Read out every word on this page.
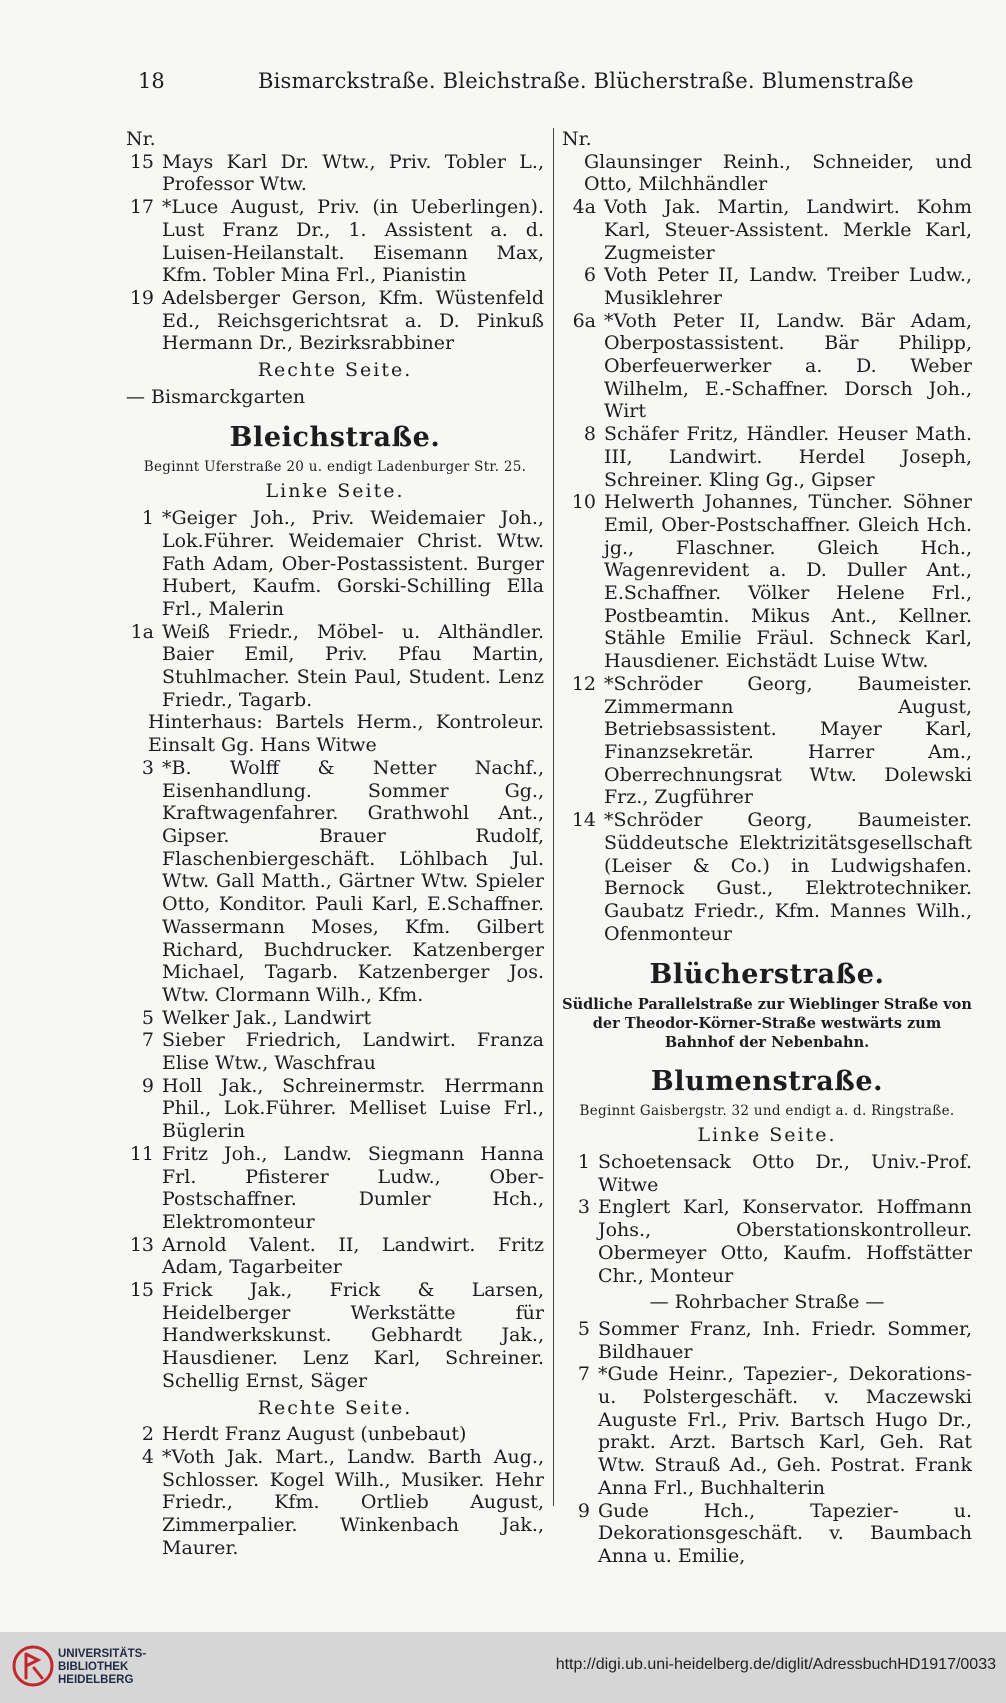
18	Bismarckstraße. Bleichstraße. Blücherstraße. Blumenstraße

Nr.

15 Mays Karl Dr. Wtw., Priv. Tobler L., Professor Wtw.
17 *Luce August, Priv. (in Ueberlingen). Lust Franz Dr., 1. Assistent a. d. Luisen-Heilanstalt. Eisemann Max, Kfm. Tobler Mina Frl., Pianistin
19 Adelsberger Gerson, Kfm. Wüstenfeld Ed., Reichsgerichtsrat a. D. Pinkuß Hermann Dr., Bezirksrabbiner

Rechte Seite.

— Bismarckgarten

Bleichstraße.

Beginnt Uferstraße 20 u. endigt Ladenburger Str. 25.

Linke Seite.

1 *Geiger Joh., Priv. Weidemaier Joh., Lok.Führer. Weidemaier Christ. Wtw. Fath Adam, Ober-Postassistent. Burger Hubert, Kaufm. Gorski-Schilling Ella Frl., Malerin
1a Weiß Friedr., Möbel- u. Althändler. Baier Emil, Priv. Pfau Martin, Stuhlmacher. Stein Paul, Student. Lenz Friedr., Tagarb.
Hinterhaus: Bartels Herm., Kontroleur. Einsalt Gg. Hans Witwe
3 *B. Wolff & Netter Nachf., Eisenhandlung. Sommer Gg., Kraftwagenfahrer. Grathwohl Ant., Gipser. Brauer Rudolf, Flaschenbiergeschäft. Löhlbach Jul. Wtw. Gall Matth., Gärtner Wtw. Spieler Otto, Konditor. Pauli Karl, E.Schaffner. Wassermann Moses, Kfm. Gilbert Richard, Buchdrucker. Katzenberger Michael, Tagarb. Katzenberger Jos. Wtw. Clormann Wilh., Kfm.
5 Welker Jak., Landwirt
7 Sieber Friedrich, Landwirt. Franza Elise Wtw., Waschfrau
9 Holl Jak., Schreinermstr. Herrmann Phil., Lok.Führer. Melliset Luise Frl., Büglerin
11 Fritz Joh., Landw. Siegmann Hanna Frl. Pfisterer Ludw., Ober-Postschaffner. Dumler Hch., Elektromonteur
13 Arnold Valent. II, Landwirt. Fritz Adam, Tagarbeiter
15 Frick Jak., Frick & Larsen, Heidelberger Werkstätte für Handwerkskunst. Gebhardt Jak., Hausdiener. Lenz Karl, Schreiner. Schellig Ernst, Säger

Rechte Seite.

2 Herdt Franz August (unbebaut)
4 *Voth Jak. Mart., Landw. Barth Aug., Schlosser. Kogel Wilh., Musiker. Hehr Friedr., Kfm. Ortlieb August, Zimmerpalier. Winkenbach Jak., Maurer.

Nr.

Glaunsinger Reinh., Schneider, und Otto, Milchhändler
4a Voth Jak. Martin, Landwirt. Kohm Karl, Steuer-Assistent. Merkle Karl, Zugmeister
6 Voth Peter II, Landw. Treiber Ludw., Musiklehrer
6a *Voth Peter II, Landw. Bär Adam, Oberpostassistent. Bär Philipp, Oberfeuerwerker a. D. Weber Wilhelm, E.-Schaffner. Dorsch Joh., Wirt
8 Schäfer Fritz, Händler. Heuser Math. III, Landwirt. Herdel Joseph, Schreiner. Kling Gg., Gipser
10 Helwerth Johannes, Tüncher. Söhner Emil, Ober-Postschaffner. Gleich Hch. jg., Flaschner. Gleich Hch., Wagenrevident a. D. Duller Ant., E.Schaffner. Völker Helene Frl., Postbeamtin. Mikus Ant., Kellner. Stähle Emilie Fräul. Schneck Karl, Hausdiener. Eichstädt Luise Wtw.
12 *Schröder Georg, Baumeister. Zimmermann August, Betriebsassistent. Mayer Karl, Finanzsekretär. Harrer Am., Oberrechnungsrat Wtw. Dolewski Frz., Zugführer
14 *Schröder Georg, Baumeister. Süddeutsche Elektrizitätsgesellschaft (Leiser & Co.) in Ludwigshafen. Bernock Gust., Elektrotechniker. Gaubatz Friedr., Kfm. Mannes Wilh., Ofenmonteur

Blücherstraße.

Südliche Parallelstraße zur Wieblinger Straße von der Theodor-Körner-Straße westwärts zum Bahnhof der Nebenbahn.

Blumenstraße.

Beginnt Gaisbergstr. 32 und endigt a. d. Ringstraße.

Linke Seite.

1 Schoetensack Otto Dr., Univ.-Prof. Witwe
3 Englert Karl, Konservator. Hoffmann Johs., Oberstationskontrolleur. Obermeyer Otto, Kaufm. Hoffstätter Chr., Monteur

— Rohrbacher Straße —

5 Sommer Franz, Inh. Friedr. Sommer, Bildhauer
7 *Gude Heinr., Tapezier-, Dekorations- u. Polstergeschäft. v. Maczewski Auguste Frl., Priv. Bartsch Hugo Dr., prakt. Arzt. Bartsch Karl, Geh. Rat Wtw. Strauß Ad., Geh. Postrat. Frank Anna Frl., Buchhalterin
9 Gude Hch., Tapezier- u. Dekorationsgeschäft. v. Baumbach Anna u. Emilie,
UNIVERSITÄTS-
BIBLIOTHEK
HEIDELBERG
http://digi.ub.uni-heidelberg.de/diglit/AdressbuchHD1917/0033
